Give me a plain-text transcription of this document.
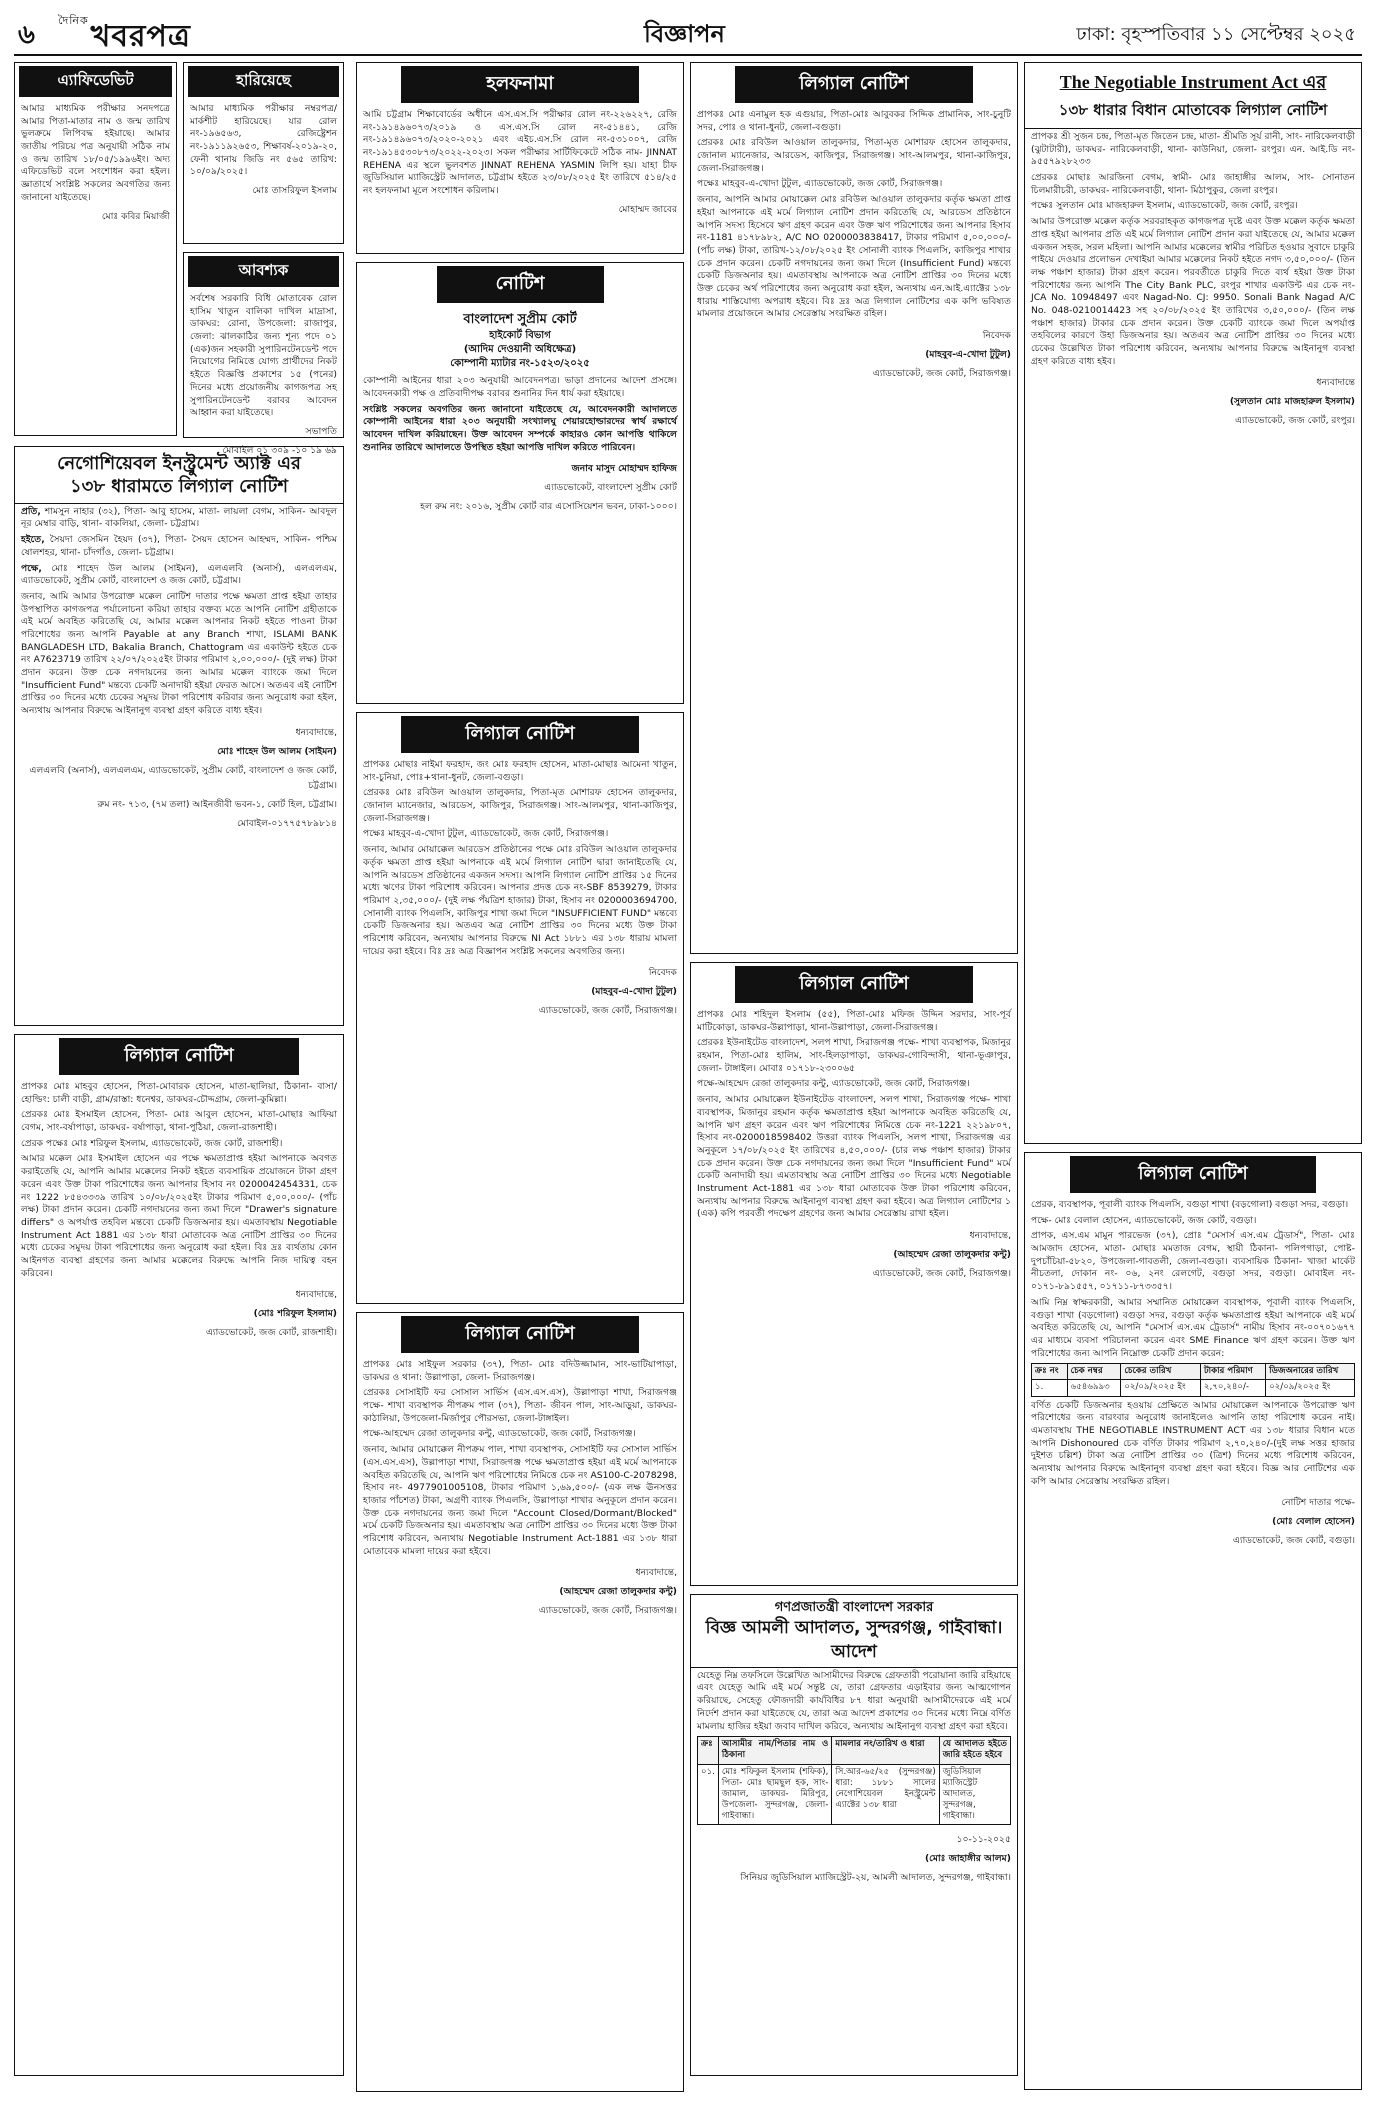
৬ $^{দৈনিক}$খবরপত্র	বিজ্ঞাপন	ঢাকা: বৃহস্পতিবার ১১ সেপ্টেম্বর ২০২৫
এ্যাফিডেভিট
আমার মাধ্যমিক পরীক্ষার সনদপত্রে আমার পিতা-মাতার নাম ও জন্ম তারিখ ভুলক্রমে লিপিবদ্ধ হইয়াছে। আমার জাতীয় পরিচয় পত্র অনুযায়ী সঠিক নাম ও জন্ম তারিখ ১৮/০৫/১৯৯৬ইং। অদ্য এফিডেভিট বলে সংশোধন করা হইল। জ্ঞাতার্থে সংশ্লিষ্ট সকলের অবগতির জন্য জানানো যাইতেছে।
মোঃ কবির মিয়াজী
হারিয়েছে
আমার মাধ্যমিক পরীক্ষার নম্বরপত্র/মার্কশীট হারিয়েছে। যার রোল নং-১৯৬৫৬৩, রেজিষ্ট্রেশন নং-১৯১১৯২৬৫৩, শিক্ষাবর্ষ-২০১৯-২০, ফেনী থানায় জিডি নং ৫৬৫ তারিখ: ১০/০৯/২০২৫।
মোঃ তাসরিফুল ইসলাম
আবশ্যক
সর্বশেষ সরকারি বিধি মোতাবেক রোল হাসিম খাতুন বালিকা দাখিল মাদ্রাসা, ডাকঘর: রোনা, উপজেলা: রাজাপুর, জেলা: ঝালকাঠির জন্য শূন্য পদে ০১ (এক)জন সহকারী সুপারিনটেনডেন্ট পদে নিয়োগের নিমিত্তে যোগ্য প্রার্থীদের নিকট হইতে বিজ্ঞপ্তি প্রকাশের ১৫ (পনের) দিনের মধ্যে প্রয়োজনীয় কাগজপত্র সহ সুপারিনটেনডেন্ট বরাবর আবেদন আহ্বান করা যাইতেছে।
সভাপতি
মোবাইল ০১ ৩০৯ -১০ ১৯ ৬৯
নেগোশিয়েবল ইনস্ট্রুমেন্ট অ্যাক্ট এর
১৩৮ ধারামতে লিগ্যাল নোটিশ

প্রতি, শামসুন নাহার (৩২), পিতা- আবু হাসেম, মাতা- লায়লা বেগম, সাকিন- আবদুল নূর মেম্বার বাড়ি, থানা- বাকলিয়া, জেলা- চট্টগ্রাম।

হইতে, সৈয়দা জেসমিন হৈয়দ (৩৭), পিতা- সৈয়দ হোসেন আহম্মদ, সাকিন- পশ্চিম ষোলশহর, থানা- চাঁদগাঁও, জেলা- চট্টগ্রাম।

পক্ষে, মোঃ শাহেদ উল আলম (সাইমন), এলএলবি (অনার্স), এলএলএম, এ্যাডভোকেট, সুপ্রীম কোর্ট, বাংলাদেশ ও জজ কোর্ট, চট্টগ্রাম।

জনাব, আমি আমার উপরোক্ত মক্কেল নোটিশ দাতার পক্ষে ক্ষমতা প্রাপ্ত হইয়া তাহার উপস্থাপিত কাগজপত্র পর্যালোচনা করিয়া তাহার বক্তব্য মতে আপনি নোটিশ গ্রহীতাকে এই মর্মে অবহিত করিতেছি যে, আমার মক্কেল আপনার নিকট হইতে পাওনা টাকা পরিশোধের জন্য আপনি Payable at any Branch শাখা, ISLAMI BANK BANGLADESH LTD, Bakalia Branch, Chattogram এর একাউন্ট হইতে চেক নং A7623719 তারিখ ২২/০৭/২০২৫ইং টাকার পরিমাণ ২,০০,০০০/- (দুই লক্ষ) টাকা প্রদান করেন। উক্ত চেক নগদায়নের জন্য আমার মক্কেল ব্যাংকে জমা দিলে "Insufficient Fund" মন্তব্যে চেকটি অনাদায়ী হইয়া ফেরত আসে। অতএব এই নোটিশ প্রাপ্তির ৩০ দিনের মধ্যে চেকের সমুদয় টাকা পরিশোধ করিবার জন্য অনুরোধ করা হইল, অন্যথায় আপনার বিরুদ্ধে আইনানুগ ব্যবস্থা গ্রহণ করিতে বাধ্য হইব।

ধন্যবাদান্তে,
মোঃ শাহেদ উল আলম (সাইমন)
এলএলবি (অনার্স), এলএলএম, এ্যাডভোকেট, সুপ্রীম কোর্ট, বাংলাদেশ ও জজ কোর্ট, চট্টগ্রাম।
রুম নং- ৭১৩, (৭ম তলা) আইনজীবী ভবন-১, কোর্ট হিল, চট্টগ্রাম।
মোবাইল-০১৭৭৫৭৮৯৮১৪
লিগ্যাল নোটিশ

প্রাপকঃ মোঃ মাহবুব হোসেন, পিতা-মোবারক হোসেন, মাতা-ছালিয়া, ঠিকানা- বাসা/হোল্ডিং: চালী বাড়ী, গ্রাম/রাস্তা: ধনেশ্বর, ডাকঘর-চৌদ্দগ্রাম, জেলা-কুমিল্লা।

প্রেরকঃ মোঃ ইসমাইল হোসেন, পিতা- মোঃ আবুল হোসেন, মাতা-মোছাঃ আফিয়া বেগম, সাং-বর্ষাপাড়া, ডাকঘর- বর্ষাপাড়া, থানা-পুঠিয়া, জেলা-রাজশাহী।

প্রেরক পক্ষেঃ মোঃ শরিফুল ইসলাম, এ্যাডভোকেট, জজ কোর্ট, রাজশাহী।

আমার মক্কেল মোঃ ইসমাইল হোসেন এর পক্ষে ক্ষমতাপ্রাপ্ত হইয়া আপনাকে অবগত করাইতেছি যে, আপনি আমার মক্কেলের নিকট হইতে ব্যবসায়িক প্রয়োজনে টাকা গ্রহণ করেন এবং উক্ত টাকা পরিশোধের জন্য আপনার হিসাব নং 0200042454331, চেক নং 1222 ৮৫৪৩৩৩৯ তারিখ ১০/০৮/২০২৫ইং টাকার পরিমাণ ৫,০০,০০০/- (পাঁচ লক্ষ) টাকা প্রদান করেন। চেকটি নগদায়নের জন্য জমা দিলে "Drawer's signature differs" ও অপর্যাপ্ত তহবিল মন্তব্যে চেকটি ডিজঅনার হয়। এমতাবস্থায় Negotiable Instrument Act 1881 এর ১৩৮ ধারা মোতাবেক অত্র নোটিশ প্রাপ্তির ৩০ দিনের মধ্যে চেকের সমুদয় টাকা পরিশোধের জন্য অনুরোধ করা হইল। বিঃ দ্রঃ ব্যর্থতায় কোন আইনগত ব্যবস্থা গ্রহণের জন্য আমার মক্কেলের বিরুদ্ধে আপনি নিজ দায়িত্ব বহন করিবেন।

ধন্যবাদান্তে,
(মোঃ শরিফুল ইসলাম)
এ্যাডভোকেট, জজ কোর্ট, রাজশাহী।
হলফনামা
আমি চট্টগ্রাম শিক্ষাবোর্ডের অধীনে এস.এস.সি পরীক্ষার রোল নং-২২৬২২৭, রেজি নং-১৯১৪৯৬০৭৩/২০১৯ ও এস.এস.সি রোল নং-৫১৪৪১, রেজি নং-১৯১৪৯৬০৭৩/২০২০-২০২১ এবং এইচ.এস.সি রোল নং-৫৩১০০৭, রেজি নং-১৯১৪৫৩০৮৭৩/২০২২-২০২৩। সকল পরীক্ষার সার্টিফিকেটে সঠিক নাম- JINNAT REHENA এর স্থলে ভুলবশত JINNAT REHENA YASMIN লিপি হয়। যাহা চীফ জুডিসিয়াল ম্যাজিস্ট্রেট আদালত, চট্টগ্রাম হইতে ২৩/০৮/২০২৫ ইং তারিখে ৫১৪/২৫ নং হলফনামা মূলে সংশোধন করিলাম।
মোহাম্মদ জাবের
নোটিশ
বাংলাদেশ সুপ্রীম কোর্ট
হাইকোর্ট বিভাগ
(আদিম দেওয়ানী অধিক্ষেত্র)
কোম্পানী ম্যাটার নং-১৫২৩/২০২৫

কোম্পানী আইনের ধারা ২০৩ অনুযায়ী আবেদনপত্র। ভাড়া প্রদানের আদেশ প্রসঙ্গে। আবেদনকারী পক্ষ ও প্রতিবাদীপক্ষ বরাবর শুনানির দিন ধার্য করা হইয়াছে।

সংশ্লিষ্ট সকলের অবগতির জন্য জানানো যাইতেছে যে, আবেদনকারী আদালতে কোম্পানী আইনের ধারা ২০৩ অনুযায়ী সংখ্যালঘু শেয়ারহোল্ডারদের স্বার্থ রক্ষার্থে আবেদন দাখিল করিয়াছেন। উক্ত আবেদন সম্পর্কে কাহারও কোন আপত্তি থাকিলে শুনানির তারিখে আদালতে উপস্থিত হইয়া আপত্তি দাখিল করিতে পারিবেন।

জনাব মাসুদ মোহাম্মদ হাফিজ
এ্যাডভোকেট, বাংলাদেশ সুপ্রীম কোর্ট
হল রুম নং: ২০১৬, সুপ্রীম কোর্ট বার এসোসিয়েশন ভবন, ঢাকা-১০০০।
লিগ্যাল নোটিশ

প্রাপকঃ মোছাঃ নাইমা ফরহাদ, জং মোঃ ফরহাদ হোসেন, মাতা-মোছাঃ আমেনা খাতুন, সাং-চুনিয়া, পোঃ+থানা-ধুনট, জেলা-বগুড়া।

প্রেরকঃ মোঃ রবিউল আওয়াল তালুকদার, পিতা-মৃত মোশারফ হোসেন তালুকদার, জোনাল ম্যানেজার, আরডেস, কাজিপুর, সিরাজগঞ্জ। সাং-আলমপুর, থানা-কাজিপুর, জেলা-সিরাজগঞ্জ।

পক্ষেঃ মাহবুব-এ-খোদা টুটুল, এ্যাডভোকেট, জজ কোর্ট, সিরাজগঞ্জ।

জনাব, আমার মোয়াক্কেল আরডেস প্রতিষ্ঠানের পক্ষে মোঃ রবিউল আওয়াল তালুকদার কর্তৃক ক্ষমতা প্রাপ্ত হইয়া আপনাকে এই মর্মে লিগ্যাল নোটিশ দ্বারা জানাইতেছি যে, আপনি আরডেস প্রতিষ্ঠানের একজন সদস্য। আপনি লিগ্যাল নোটিশ প্রাপ্তির ১৫ দিনের মধ্যে ঋণের টাকা পরিশোধ করিবেন। আপনার প্রদত্ত চেক নং-SBF 8539279, টাকার পরিমাণ ২,৩৫,০০০/- (দুই লক্ষ পঁয়ত্রিশ হাজার) টাকা, হিসাব নং 0200003694700, সোনালী ব্যাংক পিএলসি, কাজিপুর শাখা জমা দিলে "INSUFFICIENT FUND" মন্তব্যে চেকটি ডিজঅনার হয়। অতএব অত্র নোটিশ প্রাপ্তির ৩০ দিনের মধ্যে উক্ত টাকা পরিশোধ করিবেন, অন্যথায় আপনার বিরুদ্ধে NI Act ১৮৮১ এর ১৩৮ ধারায় মামলা দায়ের করা হইবে। বিঃ দ্রঃ অত্র বিজ্ঞাপন সংশ্লিষ্ট সকলের অবগতির জন্য।

নিবেদক
(মাহবুব-এ-খোদা টুটুল)
এ্যাডভোকেট, জজ কোর্ট, সিরাজগঞ্জ।
লিগ্যাল নোটিশ

প্রাপকঃ মোঃ সাইফুল সরকার (৩৭), পিতা- মোঃ বদিউজ্জামান, সাং-ভাটিয়াপাড়া, ডাকঘর ও থানা: উল্লাপাড়া, জেলা- সিরাজগঞ্জ।

প্রেরকঃ সোসাইটি ফর সোসাল সার্ভিস (এস.এস.এস), উল্লাপাড়া শাখা, সিরাজগঞ্জ পক্ষে- শাখা ব্যবস্থাপক নীপক্রম পাল (৩৭), পিতা- জীবন পাল, সাং-আড়ুয়া, ডাকঘর-কাঠালিয়া, উপজেলা-মির্জাপুর পৌরসভা, জেলা-টাঙ্গাইল।

পক্ষে-আহম্মেদ রেজা তালুকদার কন্টু, এ্যাডভোকেট, জজ কোর্ট, সিরাজগঞ্জ।

জনাব, আমার মোয়াক্কেল নীপক্রম পাল, শাখা ব্যবস্থাপক, সোসাইটি ফর সোসাল সার্ভিস (এস.এস.এস), উল্লাপাড়া শাখা, সিরাজগঞ্জ পক্ষে ক্ষমতাপ্রাপ্ত হইয়া এই মর্মে আপনাকে অবহিত করিতেছি যে, আপনি ঋণ পরিশোধের নিমিত্তে চেক নং AS100-C-2078298, হিসাব নং- 4977901005108, টাকার পরিমাণ ১,৬৯,৫০০/- (এক লক্ষ ঊনসত্তর হাজার পাঁচশত) টাকা, অগ্রণী ব্যাংক পিএলসি, উল্লাপাড়া শাখার অনুকূলে প্রদান করেন। উক্ত চেক নগদায়নের জন্য জমা দিলে "Account Closed/Dormant/Blocked" মর্মে চেকটি ডিজঅনার হয়। এমতাবস্থায় অত্র নোটিশ প্রাপ্তির ৩০ দিনের মধ্যে উক্ত টাকা পরিশোধ করিবেন, অন্যথায় Negotiable Instrument Act-1881 এর ১৩৮ ধারা মোতাবেক মামলা দায়ের করা হইবে।

ধন্যবাদান্তে,
(আহম্মেদ রেজা তালুকদার কন্টু)
এ্যাডভোকেট, জজ কোর্ট, সিরাজগঞ্জ।
লিগ্যাল নোটিশ

প্রাপকঃ মোঃ এনামুল হক এগুয়ার, পিতা-মোঃ আবুবকর সিদ্দিক প্রামানিক, সাং-চুনুটি সদর, পোঃ ও থানা-ধুনট, জেলা-বগুড়া।

প্রেরকঃ মোঃ রবিউল আওয়াল তালুকদার, পিতা-মৃত মোশারফ হোসেন তালুকদার, জোনাল ম্যানেজার, আরডেস, কাজিপুর, সিরাজগঞ্জ। সাং-আলমপুর, থানা-কাজিপুর, জেলা-সিরাজগঞ্জ।

পক্ষেঃ মাহবুব-এ-খোদা টুটুল, এ্যাডভোকেট, জজ কোর্ট, সিরাজগঞ্জ।

জনাব, আপনি আমার মোয়াক্কেল মোঃ রবিউল আওয়াল তালুকদার কর্তৃক ক্ষমতা প্রাপ্ত হইয়া আপনাকে এই মর্মে লিগ্যাল নোটিশ প্রদান করিতেছি যে, আরডেস প্রতিষ্ঠানে আপনি সদস্য হিসেবে ঋণ গ্রহণ করেন এবং উক্ত ঋণ পরিশোধের জন্য আপনার হিসাব নং-1181 ৪১৭৮৯৮২, A/C NO 0200003838417, টাকার পরিমাণ ৫,০০,০০০/- (পাঁচ লক্ষ) টাকা, তারিখ-১২/০৮/২০২৫ ইং সোনালী ব্যাংক পিএলসি, কাজিপুর শাখার চেক প্রদান করেন। চেকটি নগদায়নের জন্য জমা দিলে (Insufficient Fund) মন্তব্যে চেকটি ডিজঅনার হয়। এমতাবস্থায় আপনাকে অত্র নোটিশ প্রাপ্তির ৩০ দিনের মধ্যে উক্ত চেকের অর্থ পরিশোধের জন্য অনুরোধ করা হইল, অন্যথায় এন.আই.এ্যাক্টের ১৩৮ ধারায় শাস্তিযোগ্য অপরাধ হইবে। বিঃ দ্রঃ অত্র লিগ্যাল নোটিশের এক কপি ভবিষ্যত মামলার প্রয়োজনে আমার সেরেস্তায় সংরক্ষিত রহিল।

নিবেদক
(মাহবুব-এ-খোদা টুটুল)
এ্যাডভোকেট, জজ কোর্ট, সিরাজগঞ্জ।
লিগ্যাল নোটিশ

প্রাপকঃ মোঃ শহিদুল ইসলাম (৫৫), পিতা-মোঃ মফিজ উদ্দিন সরদার, সাং-পূর্ব মাটিকোড়া, ডাকঘর-উল্লাপাড়া, থানা-উল্লাপাড়া, জেলা-সিরাজগঞ্জ।

প্রেরকঃ ইউনাইটেড বাংলাদেশ, সলপ শাখা, সিরাজগঞ্জ পক্ষে- শাখা ব্যবস্থাপক, মিজানুর রহমান, পিতা-মোঃ হালিম, সাং-হিলড়াপাড়া, ডাকঘর-গোবিন্দাসী, থানা-ভূঞাপুর, জেলা- টাঙ্গাইল। মোবাঃ ০১৭১৮-২৩০০৬৫

পক্ষে-আহম্মেদ রেজা তালুকদার কন্টু, এ্যাডভোকেট, জজ কোর্ট, সিরাজগঞ্জ।

জনাব, আমার মোয়াক্কেল ইউনাইটেড বাংলাদেশ, সলপ শাখা, সিরাজগঞ্জ পক্ষে- শাখা ব্যবস্থাপক, মিজানুর রহমান কর্তৃক ক্ষমতাপ্রাপ্ত হইয়া আপনাকে অবহিত করিতেছি যে, আপনি ঋণ গ্রহণ করেন এবং ঋণ পরিশোধের নিমিত্তে চেক নং-1221 ২২১৯৮০৭, হিসাব নং-0200018598402 উত্তরা ব্যাংক পিএলসি, সলপ শাখা, সিরাজগঞ্জ এর অনুকূলে ১৭/০৮/২০২৫ ইং তারিখের ৪,৫০,০০০/- (চার লক্ষ পঞ্চাশ হাজার) টাকার চেক প্রদান করেন। উক্ত চেক নগদায়নের জন্য জমা দিলে "Insufficient Fund" মর্মে চেকটি অনাদায়ী হয়। এমতাবস্থায় অত্র নোটিশ প্রাপ্তির ৩০ দিনের মধ্যে Negotiable Instrument Act-1881 এর ১৩৮ ধারা মোতাবেক উক্ত টাকা পরিশোধ করিবেন, অন্যথায় আপনার বিরুদ্ধে আইনানুগ ব্যবস্থা গ্রহণ করা হইবে। অত্র লিগ্যাল নোটিশের ১ (এক) কপি পরবর্তী পদক্ষেপ গ্রহণের জন্য আমার সেরেস্তায় রাখা হইল।

ধন্যবাদান্তে,
(আহম্মেদ রেজা তালুকদার কন্টু)
এ্যাডভোকেট, জজ কোর্ট, সিরাজগঞ্জ।
গণপ্রজাতন্ত্রী বাংলাদেশ সরকার
বিজ্ঞ আমলী আদালত, সুন্দরগঞ্জ, গাইবান্ধা।
আদেশ

যেহেতু নিম্ন তফসিলে উল্লেখিত আসামীদের বিরুদ্ধে গ্রেফতারী পরোয়ানা জারি রহিয়াছে এবং যেহেতু আমি এই মর্মে সন্তুষ্ট যে, তারা গ্রেফতার এড়াইবার জন্য আত্মগোপন করিয়াছে, সেহেতু ফৌজদারী কার্যবিধির ৮৭ ধারা অনুযায়ী আসামীদেরকে এই মর্মে নির্দেশ প্রদান করা যাইতেছে যে, তারা অত্র আদেশ প্রকাশের ৩০ দিনের মধ্যে নিম্নে বর্ণিত মামলায় হাজির হইয়া জবাব দাখিল করিবে, অন্যথায় আইনানুগ ব্যবস্থা গ্রহণ করা হইবে।

ক্রঃ	আসামীর নাম/পিতার নাম ও ঠিকানা	মামলার নং/তারিখ ও ধারা	যে আদালত হইতে জারি হইতে হইবে
০১.	মোঃ শফিকুল ইসলাম (শফিক), পিতা- মোঃ ছামছুল হক, সাং- জামাল, ডাকঘর- মিরিপুর, উপজেলা- সুন্দরগঞ্জ, জেলা- গাইবান্ধা।	সি.আর-৬৫/২৫ (সুন্দরগঞ্জ) ধারা: ১৮৮১ সালের নেগোশিয়েবল ইনস্ট্রুমেন্ট এ্যাক্টের ১৩৮ ধারা	জুডিসিয়াল ম্যাজিস্ট্রেট আদালত, সুন্দরগঞ্জ, গাইবান্ধা।
১০-১১-২০২৫
(মোঃ জাহাঙ্গীর আলম)
সিনিয়র জুডিসিয়াল ম্যাজিস্ট্রেট-২য়, আমলী আদালত, সুন্দরগঞ্জ, গাইবান্ধা।
The Negotiable Instrument Act এর
১৩৮ ধারার বিধান মোতাবেক লিগ্যাল নোটিশ

প্রাপকঃ শ্রী সুজন চন্দ্র, পিতা-মৃত জিতেন চন্দ্র, মাতা- শ্রীমতি সূর্য রানী, সাং- নারিকেলবাড়ী (ঝুটাটারী), ডাকঘর- নারিকেলবাড়ী, থানা- কাউনিয়া, জেলা- রংপুর। এন. আই.ডি নং- ৯৫৫৭৯২৮২৩৩

প্রেরকঃ মোছাঃ আরজিনা বেগম, স্বামী- মোঃ জাহাঙ্গীর আলম, সাং- সোনাতন চিলমারীচরী, ডাকঘর- নারিকেলবাড়ী, থানা- মিঠাপুকুর, জেলা রংপুর।

পক্ষেঃ সুলতান মোঃ মাজহারুল ইসলাম, এ্যাডভোকেট, জজ কোর্ট, রংপুর।

আমার উপরোক্ত মক্কেল কর্তৃক সরবরাহকৃত কাগজপত্র দৃষ্টে এবং উক্ত মক্কেল কর্তৃক ক্ষমতা প্রাপ্ত হইয়া আপনার প্রতি এই মর্মে লিগ্যাল নোটিশ প্রদান করা যাইতেছে যে, আমার মক্কেল একজন সহজ, সরল মহিলা। আপনি আমার মক্কেলের স্বামীর পরিচিত হওয়ার সুবাদে চাকুরি পাইয়ে দেওয়ার প্রলোভন দেখাইয়া আমার মক্কেলের নিকট হইতে নগদ ৩,৫০,০০০/- (তিন লক্ষ পঞ্চাশ হাজার) টাকা গ্রহণ করেন। পরবর্তীতে চাকুরি দিতে ব্যর্থ হইয়া উক্ত টাকা পরিশোধের জন্য আপনি The City Bank PLC, রংপুর শাখার একাউন্ট এর চেক নং- JCA No. 10948497 এবং Nagad-No. CJ: 9950. Sonali Bank Nagad A/C No. 048-0210014423 সহ ২০/০৮/২০২৫ ইং তারিখের ৩,৫০,০০০/- (তিন লক্ষ পঞ্চাশ হাজার) টাকার চেক প্রদান করেন। উক্ত চেকটি ব্যাংকে জমা দিলে অপর্যাপ্ত তহবিলের কারণে উহা ডিজঅনার হয়। অতএব অত্র নোটিশ প্রাপ্তির ৩০ দিনের মধ্যে চেকের উল্লেখিত টাকা পরিশোধ করিবেন, অন্যথায় আপনার বিরুদ্ধে আইনানুগ ব্যবস্থা গ্রহণ করিতে বাধ্য হইব।

ধন্যবাদান্তে
(সুলতান মোঃ মাজহারুল ইসলাম)
এ্যাডভোকেট, জজ কোর্ট, রংপুর।
লিগ্যাল নোটিশ

প্রেরক, ব্যবস্থাপক, পূবালী ব্যাংক পিএলসি, বগুড়া শাখা (বড়গোলা) বগুড়া সদর, বগুড়া।

পক্ষে- মোঃ বেলাল হোসেন, এ্যাডভোকেট, জজ কোর্ট, বগুড়া।

প্রাপক, এস.এম মামুন পারভেজ (৩৭), প্রোঃ "মেসার্স এস.এম ট্রেডার্স", পিতা- মোঃ আমজাদ হোসেন, মাতা- মোছাঃ মমতাজ বেগম, স্থায়ী ঠিকানা- পলিপগাড়া, পোষ্ট-দুপচাঁচিয়া-৫৮২০, উপজেলা-গাবতলী, জেলা-বগুড়া। ব্যবসায়িক ঠিকানা- খাজা মার্কেট নীচতলা, দোকান নং- ০৬, ২নং রেলগেট, বগুড়া সদর, বগুড়া। মোবাইল নং- ০১৭১-৮৯১৫৫৭, ০১৭১১-৮৭৩৩৫৭।

আমি নিম্ন স্বাক্ষরকারী, আমার সম্মানিত মোয়াক্কেল ব্যবস্থাপক, পূবালী ব্যাংক পিএলসি, বগুড়া শাখা (বড়গোলা) বগুড়া সদর, বগুড়া কর্তৃক ক্ষমতাপ্রাপ্ত হইয়া আপনাকে এই মর্মে অবহিত করিতেছি যে, আপনি "মেসার্স এস.এম ট্রেডার্স" নামীয় হিসাব নং-০০৭০১৬৭৭ এর মাধ্যমে ব্যবসা পরিচালনা করেন এবং SME Finance ঋণ গ্রহণ করেন। উক্ত ঋণ পরিশোধের জন্য আপনি নিম্নোক্ত চেকটি প্রদান করেন:

ক্রঃ নং	চেক নম্বর	চেকের তারিখ	টাকার পরিমাণ	ডিজঅনারের তারিখ
১.	৬৫৪৬৯৯৩	০২/০৯/২০২৫ ইং	২,৭০,২৪০/-	০২/০৯/২০২৫ ইং

বর্ণিত চেকটি ডিজঅনার হওয়ায় প্রেক্ষিতে আমার মোয়াক্কেল আপনাকে উপরোক্ত ঋণ পরিশোধের জন্য বারংবার অনুরোধ জানাইলেও আপনি তাহা পরিশোধ করেন নাই। এমতাবস্থায় THE NEGOTIABLE INSTRUMENT ACT এর ১৩৮ ধারার বিধান মতে আপনি Dishonoured চেক বর্ণিত টাকার পরিমাণ ২,৭০,২৪০/-(দুই লক্ষ সত্তর হাজার দুইশত চল্লিশ) টাকা অত্র নোটিশ প্রাপ্তির ৩০ (ত্রিশ) দিনের মধ্যে পরিশোধ করিবেন, অন্যথায় আপনার বিরুদ্ধে আইনানুগ ব্যবস্থা গ্রহণ করা হইবে। বিজ্ঞ আর নোটিশের এক কপি আমার সেরেস্তায় সংরক্ষিত রহিল।

নোটিশ দাতার পক্ষে-
(মোঃ বেলাল হোসেন)
এ্যাডভোকেট, জজ কোর্ট, বগুড়া।
